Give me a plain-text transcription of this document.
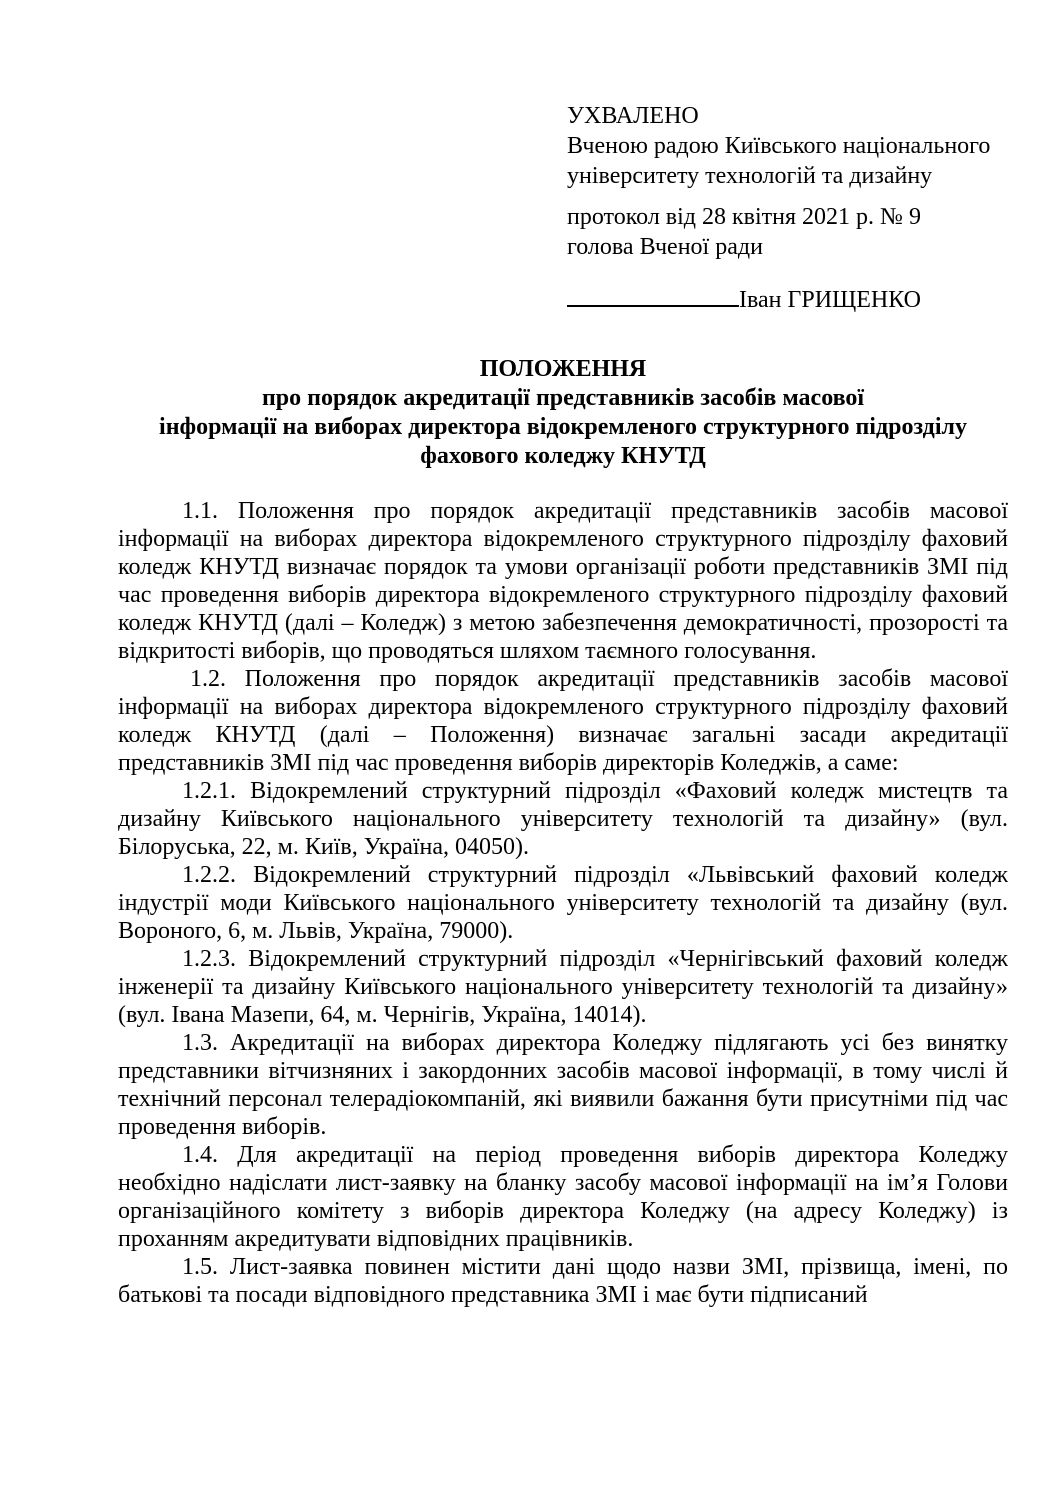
УХВАЛЕНО
Вченою радою Київського національного
університету технологій та дизайну
протокол від 28 квітня 2021 р. № 9
голова Вченої ради
Іван ГРИЩЕНКО
ПОЛОЖЕННЯ
про порядок акредитації представників засобів масової
інформації на виборах директора відокремленого структурного підрозділу
фахового коледжу КНУТД

1.1. Положення про порядок акредитації представників засобів масової інформації на виборах директора відокремленого структурного підрозділу фаховий коледж КНУТД визначає порядок та умови організації роботи представників ЗМІ під час проведення виборів директора відокремленого структурного підрозділу фаховий коледж КНУТД (далі – Коледж) з метою забезпечення демократичності, прозорості та відкритості виборів, що проводяться шляхом таємного голосування.

1.2. Положення про порядок акредитації представників засобів масової інформації на виборах директора відокремленого структурного підрозділу фаховий коледж КНУТД (далі – Положення) визначає загальні засади акредитації представників ЗМІ під час проведення виборів директорів Коледжів, а саме:

1.2.1. Відокремлений структурний підрозділ «Фаховий коледж мистецтв та дизайну Київського національного університету технологій та дизайну» (вул. Білоруська, 22, м. Київ, Україна, 04050).

1.2.2. Відокремлений структурний підрозділ «Львівський фаховий коледж індустрії моди Київського національного університету технологій та дизайну (вул. Вороного, 6, м. Львів, Україна, 79000).

1.2.3. Відокремлений структурний підрозділ «Чернігівський фаховий коледж інженерії та дизайну Київського національного університету технологій та дизайну» (вул. Івана Мазепи, 64, м. Чернігів, Україна, 14014).

1.3. Акредитації на виборах директора Коледжу підлягають усі без винятку представники вітчизняних і закордонних засобів масової інформації, в тому числі й технічний персонал телерадіокомпаній, які виявили бажання бути присутніми під час проведення виборів.

1.4. Для акредитації на період проведення виборів директора Коледжу необхідно надіслати лист-заявку на бланку засобу масової інформації на ім’я Голови організаційного комітету з виборів директора Коледжу (на адресу Коледжу) із проханням акредитувати відповідних працівників.

1.5. Лист-заявка повинен містити дані щодо назви ЗМІ, прізвища, імені, по батькові та посади відповідного представника ЗМІ і має бути підписаний
